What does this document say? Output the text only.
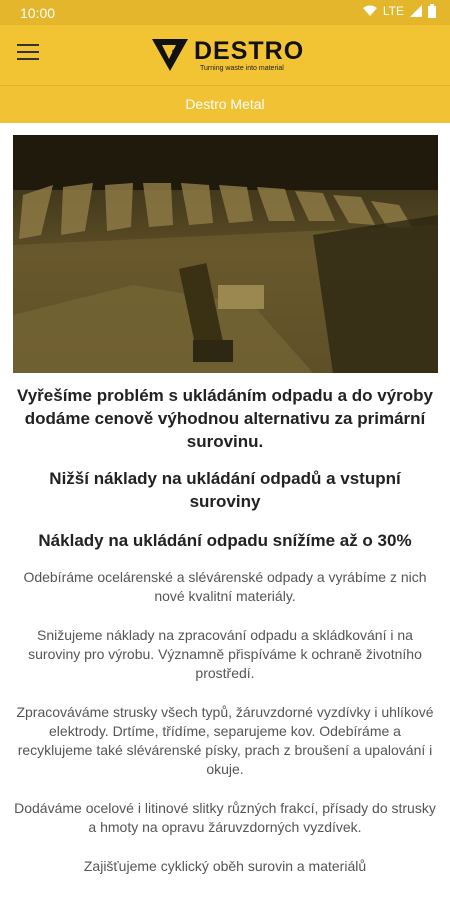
10:00	LTE
DESTRO
Turning waste into material
Destro Metal
Vyřešíme problém s ukládáním odpadu a do výroby dodáme cenově výhodnou alternativu za primární surovinu.
Nižší náklady na ukládání odpadů a vstupní suroviny
Náklady na ukládání odpadu snížíme až o 30%
Odebíráme ocelárenské a slévárenské odpady a vyrábíme z nich nové kvalitní materiály.
Snižujeme náklady na zpracování odpadu a skládkování i na suroviny pro výrobu. Významně přispíváme k ochraně životního prostředí.
Zpracováváme strusky všech typů, žáruvzdorné vyzdívky i uhlíkové elektrody. Drtíme, třídíme, separujeme kov. Odebíráme a recyklujeme také slévárenské písky, prach z broušení a upalování i okuje.
Dodáváme ocelové i litinové slitky různých frakcí, přísady do strusky a hmoty na opravu žáruvzdorných vyzdívek.
Zajišťujeme cyklický oběh surovin a materiálů
